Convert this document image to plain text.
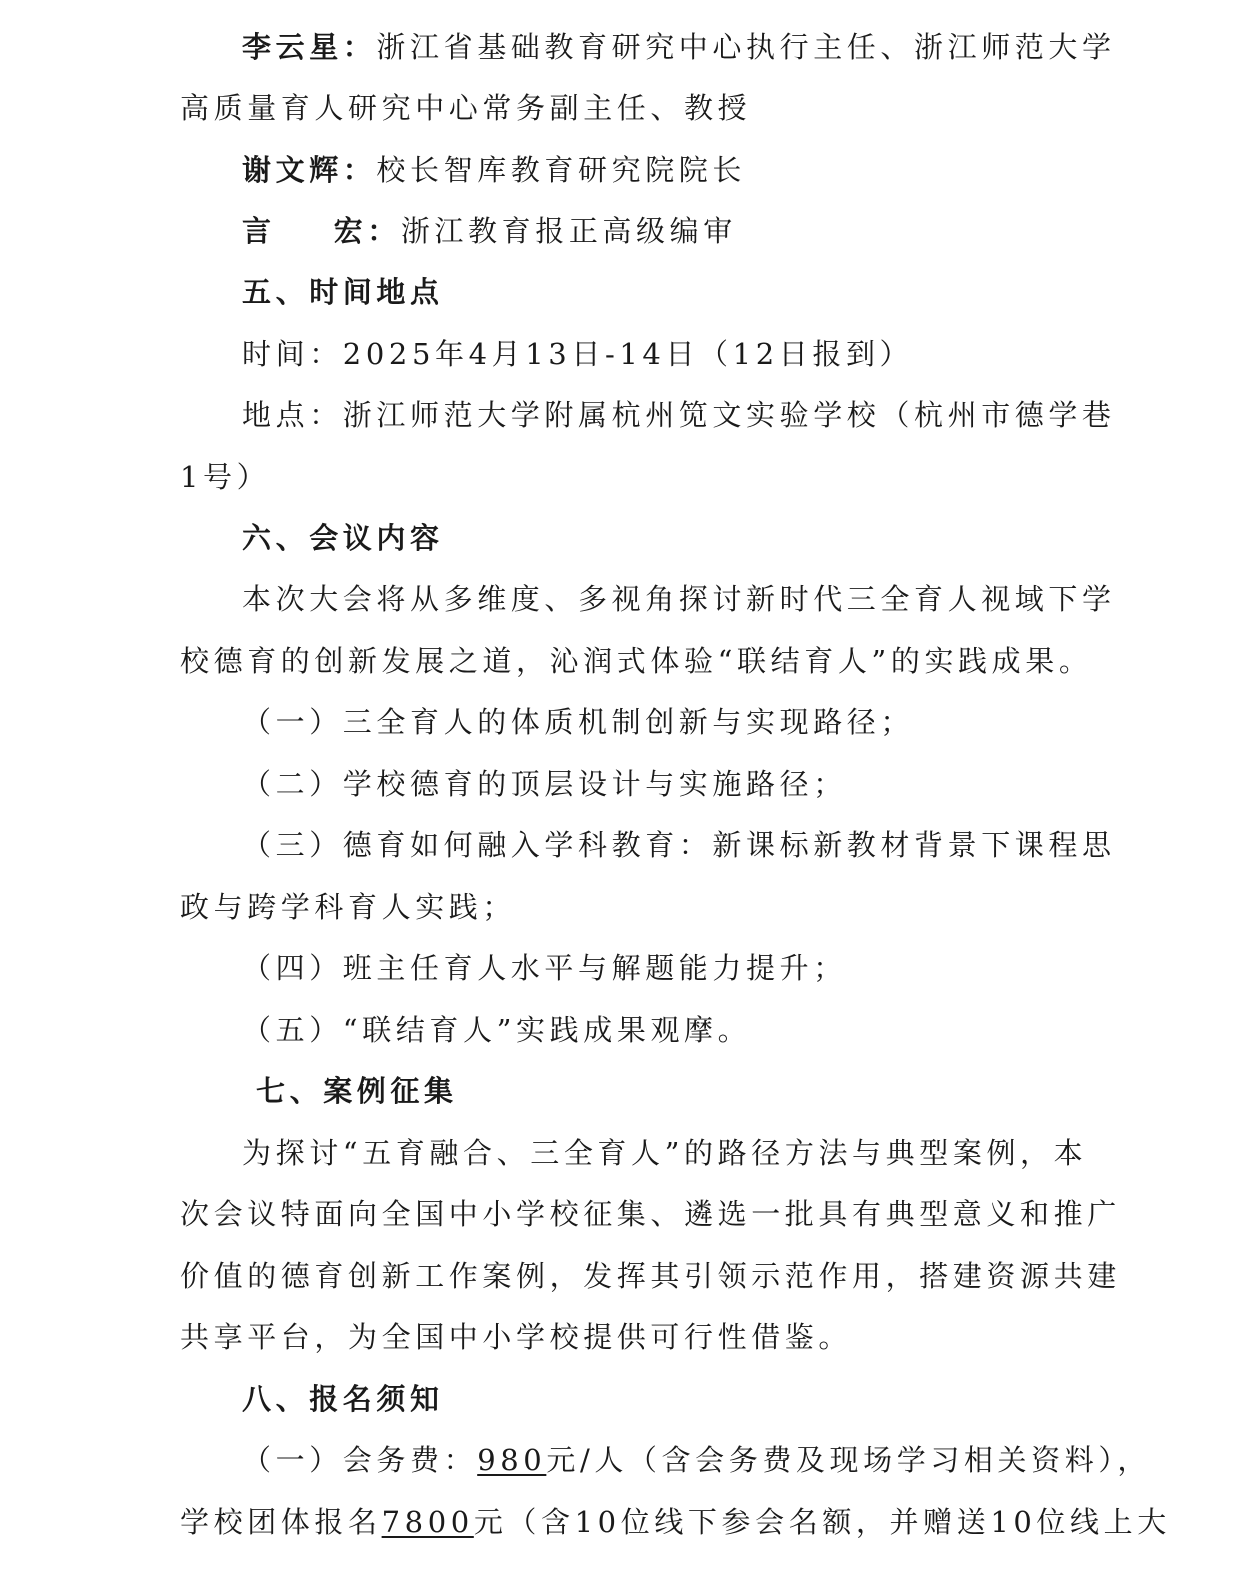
李云星：浙江省基础教育研究中心执行主任、浙江师范大学
高质量育人研究中心常务副主任、教授
谢文辉：校长智库教育研究院院长
言 宏：浙江教育报正高级编审
五、时间地点
时间：2025年4月13日-14日（12日报到）
地点：浙江师范大学附属杭州笕文实验学校（杭州市德学巷
1号）
六、会议内容
本次大会将从多维度、多视角探讨新时代三全育人视域下学
校德育的创新发展之道，沁润式体验“联结育人”的实践成果。
（一）三全育人的体质机制创新与实现路径；
（二）学校德育的顶层设计与实施路径；
（三）德育如何融入学科教育：新课标新教材背景下课程思
政与跨学科育人实践；
（四）班主任育人水平与解题能力提升；
（五）“联结育人”实践成果观摩。
七、案例征集
为探讨“五育融合、三全育人”的路径方法与典型案例，本
次会议特面向全国中小学校征集、遴选一批具有典型意义和推广
价值的德育创新工作案例，发挥其引领示范作用，搭建资源共建
共享平台，为全国中小学校提供可行性借鉴。
八、报名须知
（一）会务费：980元/人（含会务费及现场学习相关资料），
学校团体报名7800元（含10位线下参会名额，并赠送10位线上大
